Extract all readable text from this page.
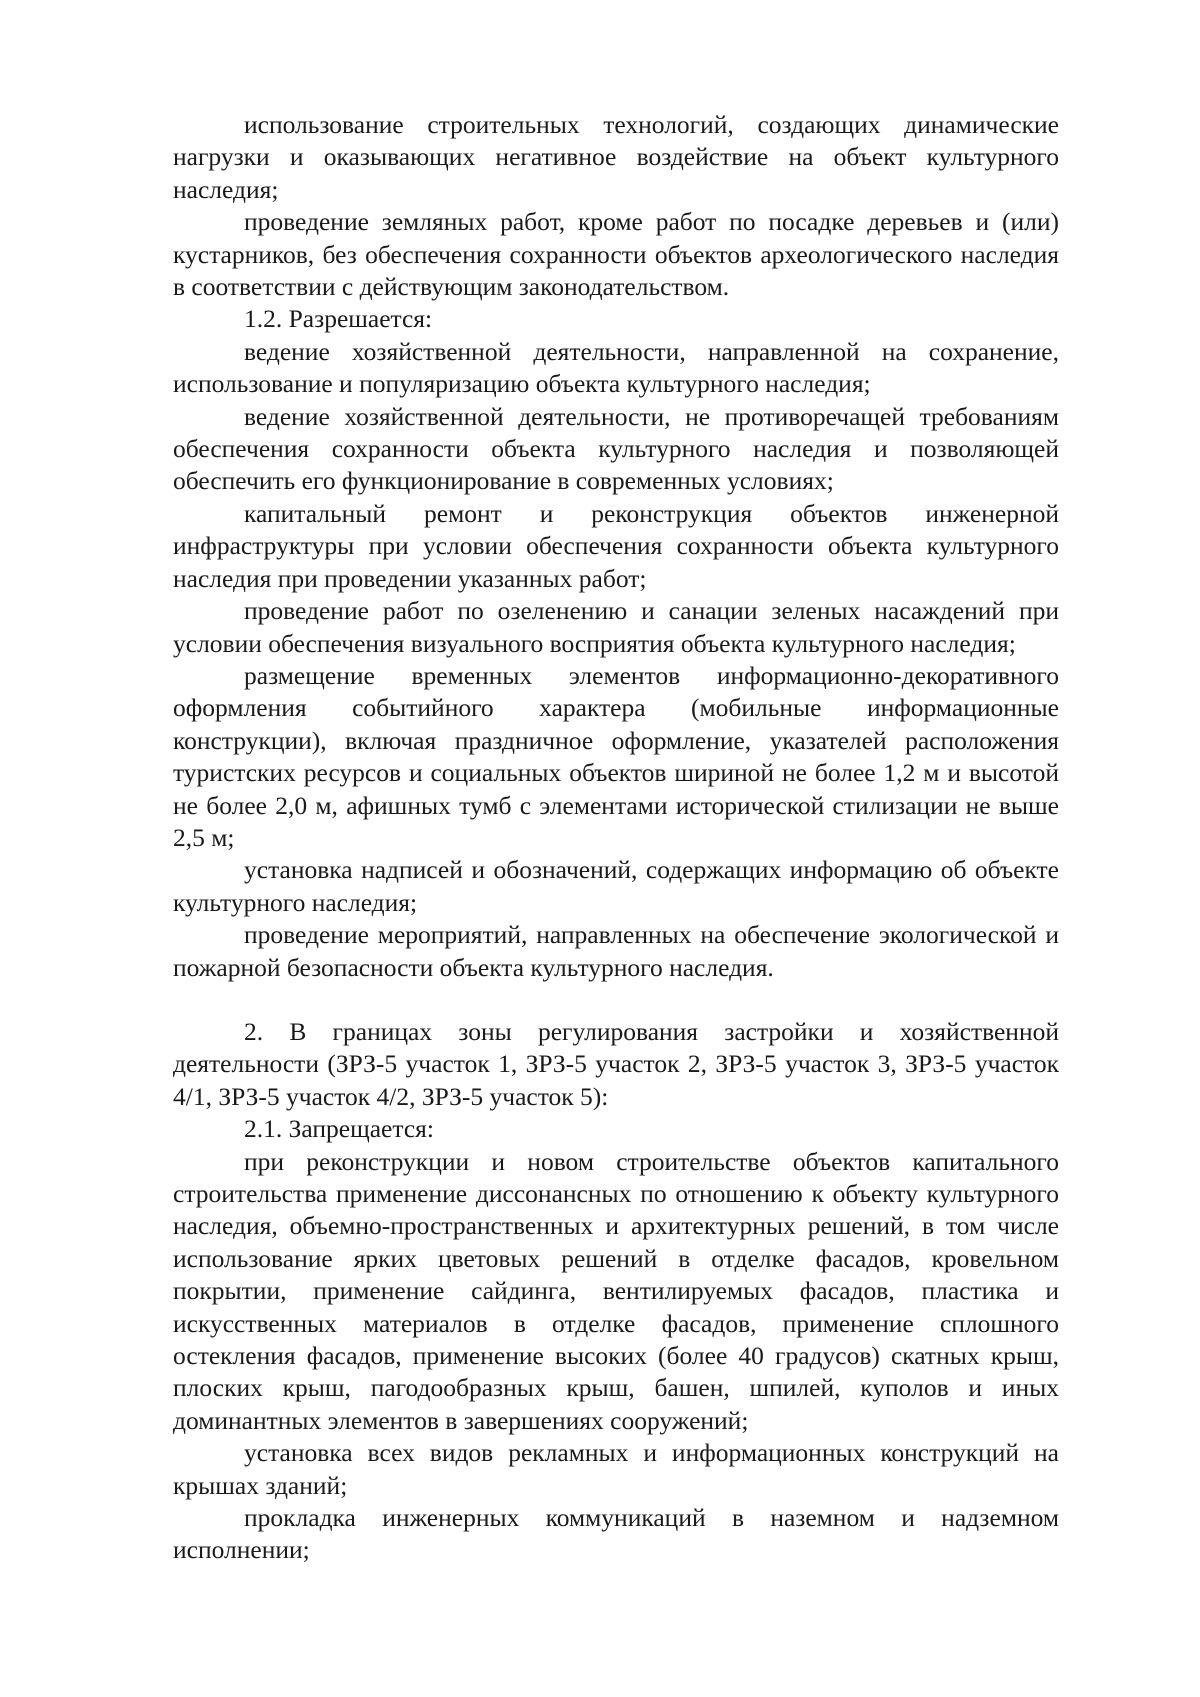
использование строительных технологий, создающих динамические нагрузки и оказывающих негативное воздействие на объект культурного наследия;

проведение земляных работ, кроме работ по посадке деревьев и (или) кустарников, без обеспечения сохранности объектов археологического наследия в соответствии с действующим законодательством.

1.2. Разрешается:

ведение хозяйственной деятельности, направленной на сохранение, использование и популяризацию объекта культурного наследия;

ведение хозяйственной деятельности, не противоречащей требованиям обеспечения сохранности объекта культурного наследия и позволяющей обеспечить его функционирование в современных условиях;

капитальный ремонт и реконструкция объектов инженерной инфраструктуры при условии обеспечения сохранности объекта культурного наследия при проведении указанных работ;

проведение работ по озеленению и санации зеленых насаждений при условии обеспечения визуального восприятия объекта культурного наследия;

размещение временных элементов информационно-декоративного оформления событийного характера (мобильные информационные конструкции), включая праздничное оформление, указателей расположения туристских ресурсов и социальных объектов шириной не более 1,2 м и высотой не более 2,0 м, афишных тумб с элементами исторической стилизации не выше 2,5 м;

установка надписей и обозначений, содержащих информацию об объекте культурного наследия;

проведение мероприятий, направленных на обеспечение экологической и пожарной безопасности объекта культурного наследия.

2. В границах зоны регулирования застройки и хозяйственной деятельности (ЗРЗ-5 участок 1, ЗРЗ-5 участок 2, ЗРЗ-5 участок 3, ЗРЗ-5 участок 4/1, ЗРЗ-5 участок 4/2, ЗРЗ-5 участок 5):

2.1. Запрещается:

при реконструкции и новом строительстве объектов капитального строительства применение диссонансных по отношению к объекту культурного наследия, объемно-пространственных и архитектурных решений, в том числе использование ярких цветовых решений в отделке фасадов, кровельном покрытии, применение сайдинга, вентилируемых фасадов, пластика и искусственных материалов в отделке фасадов, применение сплошного остекления фасадов, применение высоких (более 40 градусов) скатных крыш, плоских крыш, пагодообразных крыш, башен, шпилей, куполов и иных доминантных элементов в завершениях сооружений;

установка всех видов рекламных и информационных конструкций на крышах зданий;

прокладка инженерных коммуникаций в наземном и надземном исполнении;
